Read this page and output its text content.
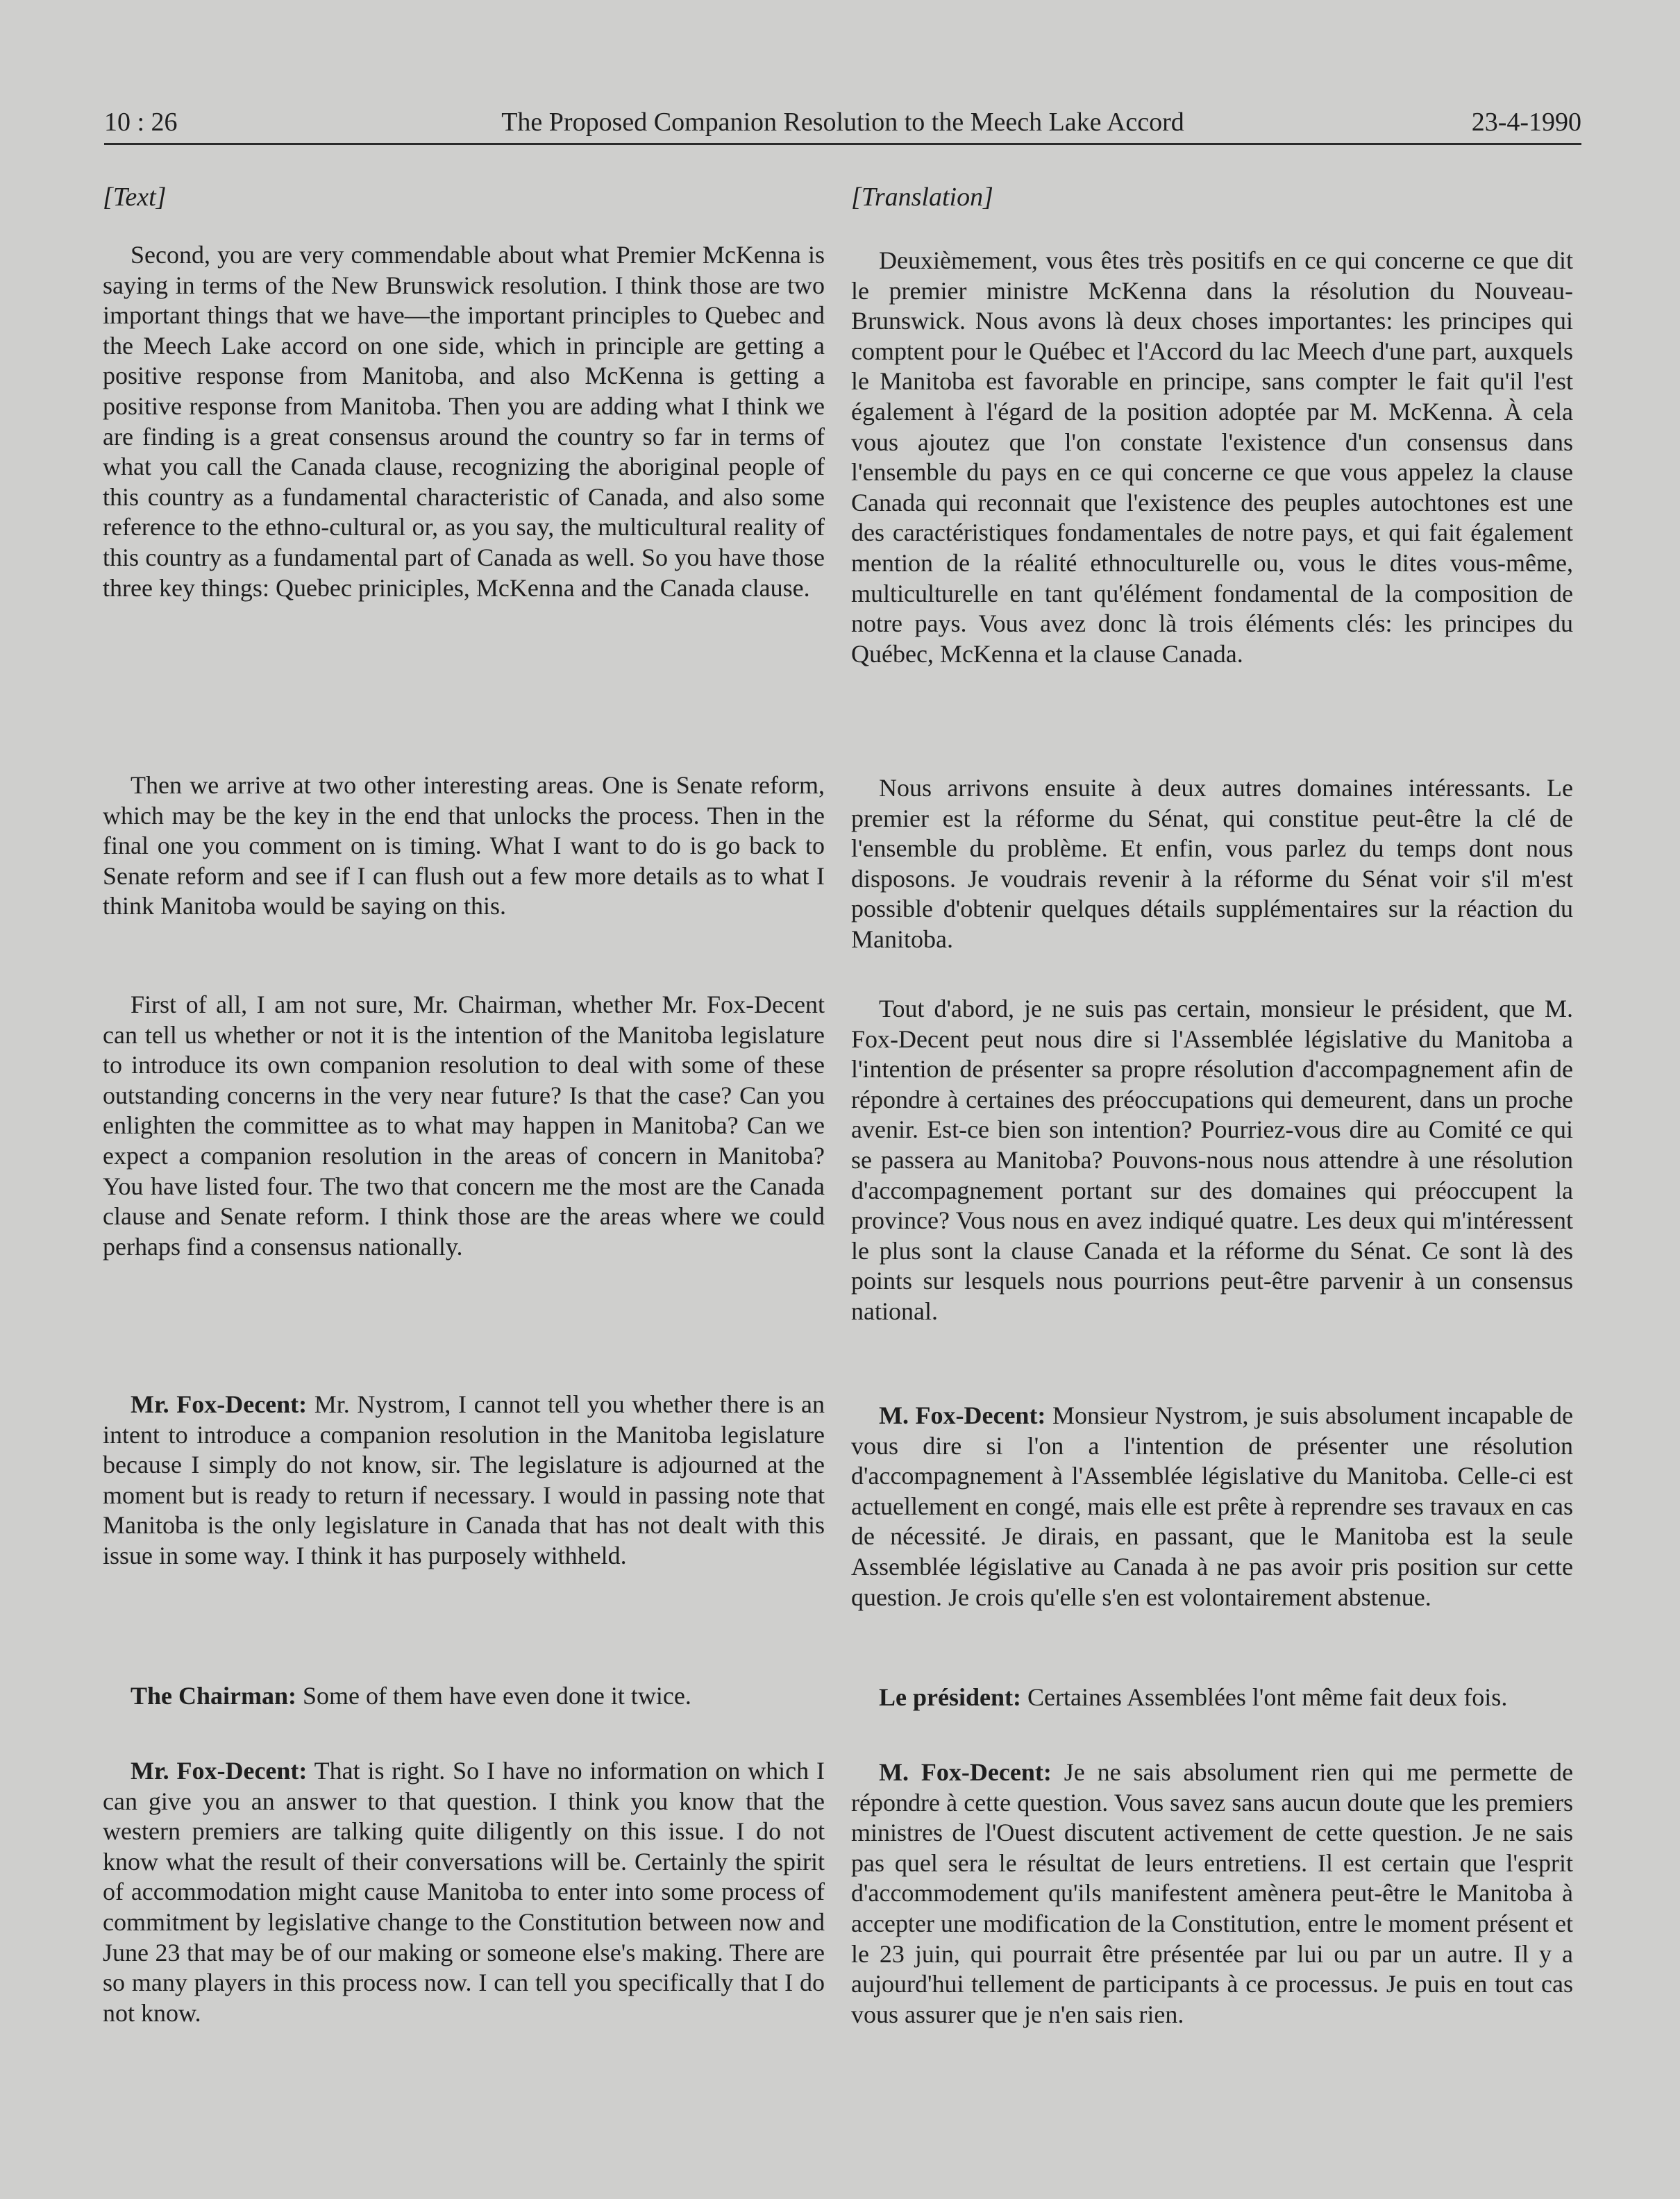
10 : 26	The Proposed Companion Resolution to the Meech Lake Accord	23-4-1990

[Text]

Second, you are very commendable about what Premier McKenna is saying in terms of the New Brunswick resolution. I think those are two important things that we have—the important principles to Quebec and the Meech Lake accord on one side, which in principle are getting a positive response from Manitoba, and also McKenna is getting a positive response from Manitoba. Then you are adding what I think we are finding is a great consensus around the country so far in terms of what you call the Canada clause, recognizing the aboriginal people of this country as a fundamental characteristic of Canada, and also some reference to the ethno-cultural or, as you say, the multicultural reality of this country as a fundamental part of Canada as well. So you have those three key things: Quebec priniciples, McKenna and the Canada clause.

Then we arrive at two other interesting areas. One is Senate reform, which may be the key in the end that unlocks the process. Then in the final one you comment on is timing. What I want to do is go back to Senate reform and see if I can flush out a few more details as to what I think Manitoba would be saying on this.

First of all, I am not sure, Mr. Chairman, whether Mr. Fox-Decent can tell us whether or not it is the intention of the Manitoba legislature to introduce its own companion resolution to deal with some of these outstanding concerns in the very near future? Is that the case? Can you enlighten the committee as to what may happen in Manitoba? Can we expect a companion resolution in the areas of concern in Manitoba? You have listed four. The two that concern me the most are the Canada clause and Senate reform. I think those are the areas where we could perhaps find a consensus nationally.

Mr. Fox-Decent: Mr. Nystrom, I cannot tell you whether there is an intent to introduce a companion resolution in the Manitoba legislature because I simply do not know, sir. The legislature is adjourned at the moment but is ready to return if necessary. I would in passing note that Manitoba is the only legislature in Canada that has not dealt with this issue in some way. I think it has purposely withheld.

The Chairman: Some of them have even done it twice.

Mr. Fox-Decent: That is right. So I have no information on which I can give you an answer to that question. I think you know that the western premiers are talking quite diligently on this issue. I do not know what the result of their conversations will be. Certainly the spirit of accommodation might cause Manitoba to enter into some process of commitment by legislative change to the Constitution between now and June 23 that may be of our making or someone else's making. There are so many players in this process now. I can tell you specifically that I do not know.

[Translation]

Deuxièmement, vous êtes très positifs en ce qui concerne ce que dit le premier ministre McKenna dans la résolution du Nouveau-Brunswick. Nous avons là deux choses importantes: les principes qui comptent pour le Québec et l'Accord du lac Meech d'une part, auxquels le Manitoba est favorable en principe, sans compter le fait qu'il l'est également à l'égard de la position adoptée par M. McKenna. À cela vous ajoutez que l'on constate l'existence d'un consensus dans l'ensemble du pays en ce qui concerne ce que vous appelez la clause Canada qui reconnait que l'existence des peuples autochtones est une des caractéristiques fondamentales de notre pays, et qui fait également mention de la réalité ethnoculturelle ou, vous le dites vous-même, multiculturelle en tant qu'élément fondamental de la composition de notre pays. Vous avez donc là trois éléments clés: les principes du Québec, McKenna et la clause Canada.

Nous arrivons ensuite à deux autres domaines intéressants. Le premier est la réforme du Sénat, qui constitue peut-être la clé de l'ensemble du problème. Et enfin, vous parlez du temps dont nous disposons. Je voudrais revenir à la réforme du Sénat voir s'il m'est possible d'obtenir quelques détails supplémentaires sur la réaction du Manitoba.

Tout d'abord, je ne suis pas certain, monsieur le président, que M. Fox-Decent peut nous dire si l'Assemblée législative du Manitoba a l'intention de présenter sa propre résolution d'accompagnement afin de répondre à certaines des préoccupations qui demeurent, dans un proche avenir. Est-ce bien son intention? Pourriez-vous dire au Comité ce qui se passera au Manitoba? Pouvons-nous nous attendre à une résolution d'accompagnement portant sur des domaines qui préoccupent la province? Vous nous en avez indiqué quatre. Les deux qui m'intéressent le plus sont la clause Canada et la réforme du Sénat. Ce sont là des points sur lesquels nous pourrions peut-être parvenir à un consensus national.

M. Fox-Decent: Monsieur Nystrom, je suis absolument incapable de vous dire si l'on a l'intention de présenter une résolution d'accompagnement à l'Assemblée législative du Manitoba. Celle-ci est actuellement en congé, mais elle est prête à reprendre ses travaux en cas de nécessité. Je dirais, en passant, que le Manitoba est la seule Assemblée législative au Canada à ne pas avoir pris position sur cette question. Je crois qu'elle s'en est volontairement abstenue.

Le président: Certaines Assemblées l'ont même fait deux fois.

M. Fox-Decent: Je ne sais absolument rien qui me permette de répondre à cette question. Vous savez sans aucun doute que les premiers ministres de l'Ouest discutent activement de cette question. Je ne sais pas quel sera le résultat de leurs entretiens. Il est certain que l'esprit d'accommodement qu'ils manifestent amènera peut-être le Manitoba à accepter une modification de la Constitution, entre le moment présent et le 23 juin, qui pourrait être présentée par lui ou par un autre. Il y a aujourd'hui tellement de participants à ce processus. Je puis en tout cas vous assurer que je n'en sais rien.
